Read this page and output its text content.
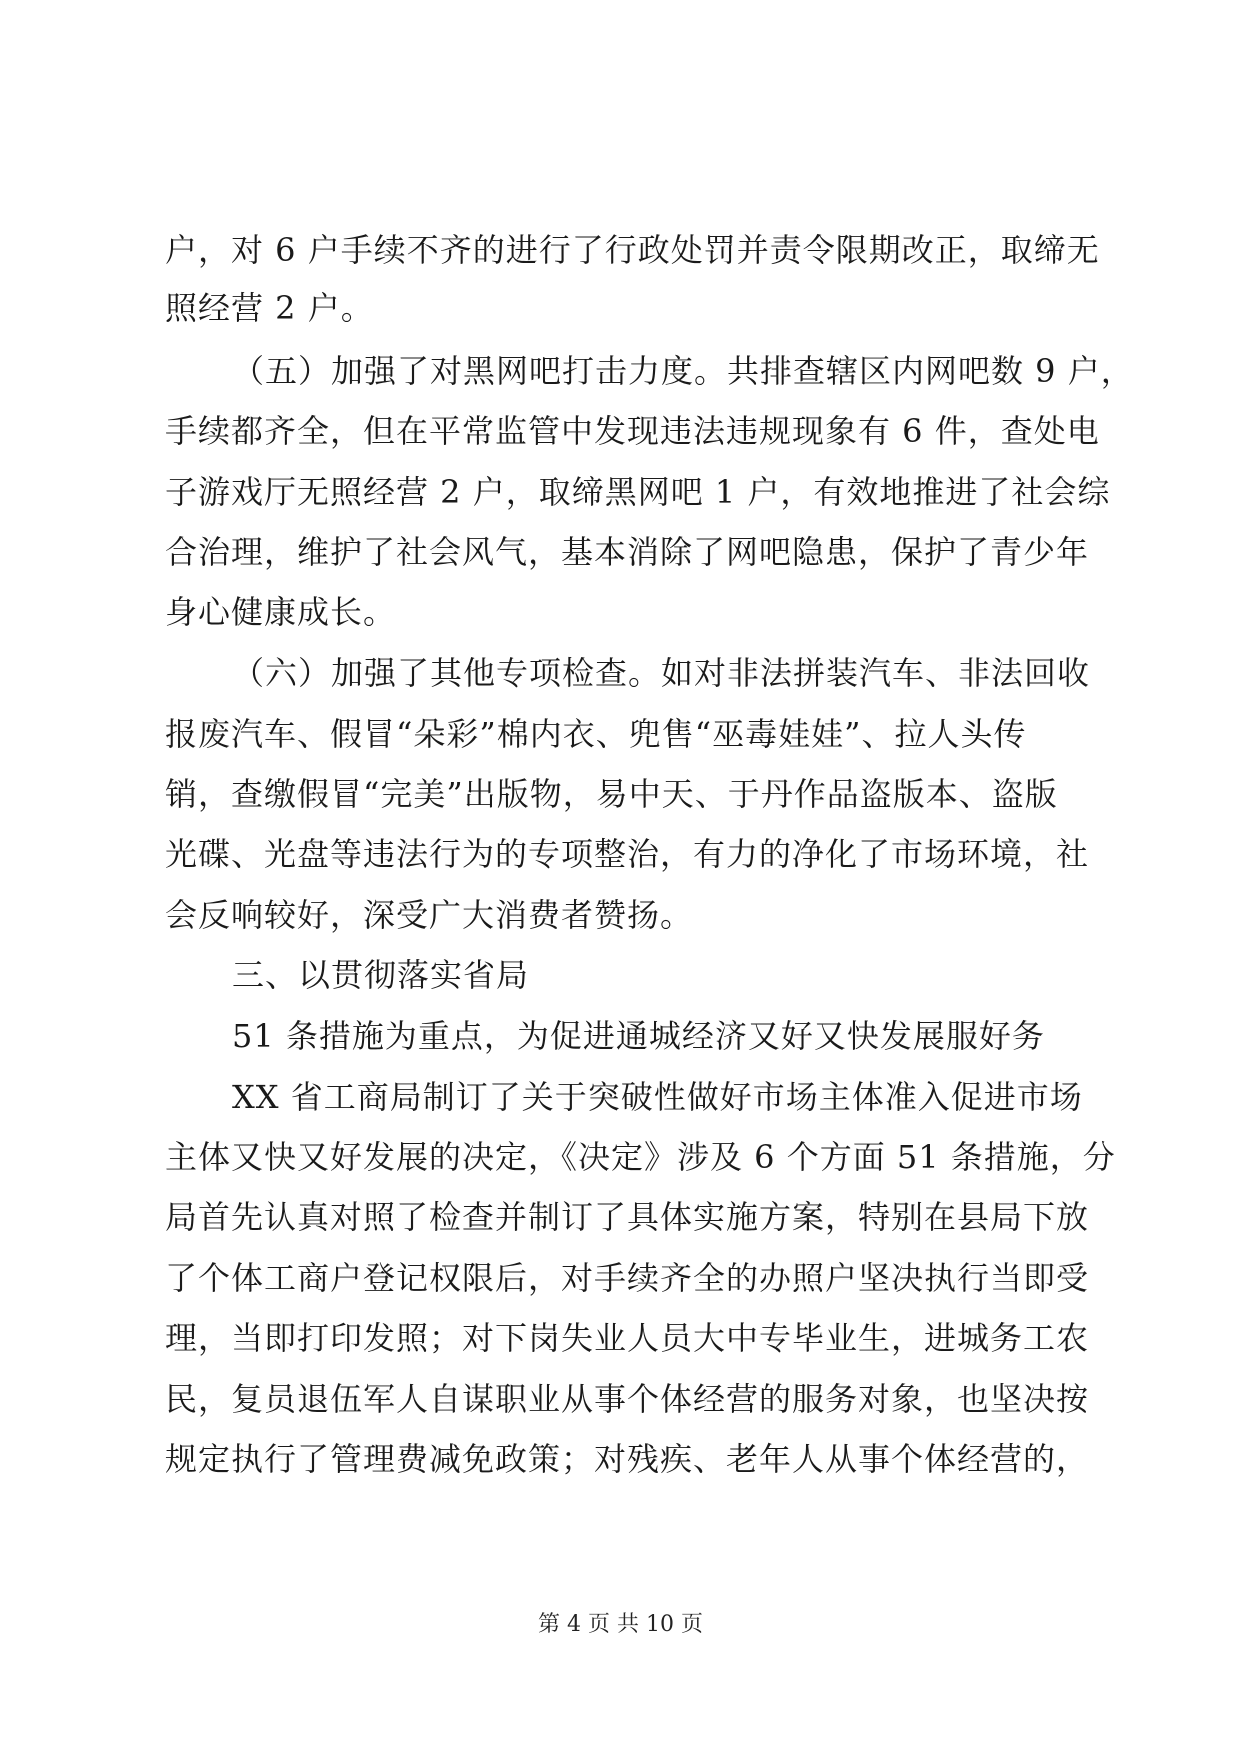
户，对 6 户手续不齐的进行了行政处罚并责令限期改正，取缔无
照经营 2 户。
（五）加强了对黑网吧打击力度。共排查辖区内网吧数 9 户，
手续都齐全，但在平常监管中发现违法违规现象有 6 件，查处电
子游戏厅无照经营 2 户，取缔黑网吧 1 户，有效地推进了社会综
合治理，维护了社会风气，基本消除了网吧隐患，保护了青少年
身心健康成长。
（六）加强了其他专项检查。如对非法拼装汽车、非法回收
报废汽车、假冒“朵彩”棉内衣、兜售“巫毒娃娃”、拉人头传
销，查缴假冒“完美”出版物，易中天、于丹作品盗版本、盗版
光碟、光盘等违法行为的专项整治，有力的净化了市场环境，社
会反响较好，深受广大消费者赞扬。
三、以贯彻落实省局
51 条措施为重点，为促进通城经济又好又快发展服好务
XX 省工商局制订了关于突破性做好市场主体准入促进市场
主体又快又好发展的决定，《决定》涉及 6 个方面 51 条措施，分
局首先认真对照了检查并制订了具体实施方案，特别在县局下放
了个体工商户登记权限后，对手续齐全的办照户坚决执行当即受
理，当即打印发照；对下岗失业人员大中专毕业生，进城务工农
民，复员退伍军人自谋职业从事个体经营的服务对象，也坚决按
规定执行了管理费减免政策；对残疾、老年人从事个体经营的，
第 4 页 共 10 页
